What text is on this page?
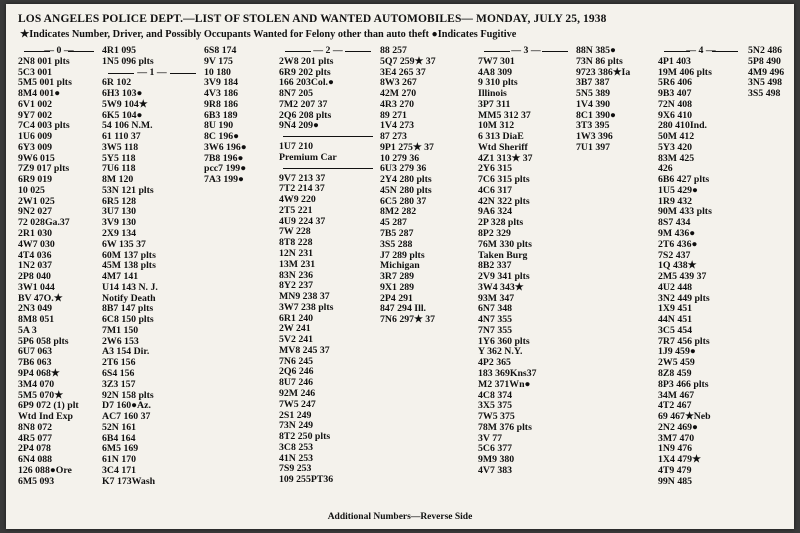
LOS ANGELES POLICE DEPT.—LIST OF STOLEN AND WANTED AUTOMOBILES— MONDAY, JULY 25, 1938
★Indicates Number, Driver, and Possibly Occupants Wanted for Felony other than auto theft ●Indicates Fugitive
— 0 —
2N8 001 plts
5C3 001
5M5 001 plts
8M4 001●
6V1 002
9Y7 002
7C4 003 plts
1U6 009
6Y3 009
9W6 015
7Z9 017 plts
6R9 019
10 025
2W1 025
9N2 027
72 028Ga.37
2R1 030
4W7 030
4T4 036
1N2 037
2P8 040
3W1 044
BV 47O.★
2N3 049
8M8 051
5A 3
5P6 058 plts
6U7 063
7B6 063
9P4 068★
3M4 070
5M5 070★
6P9 072 (1) plt
Wtd Ind Exp
8N8 072
4R5 077
2P4 078
6N4 088
126 088●Ore
6M5 093
4R1 095
1N5 096 plts
— 1 —
6R 102
6H3 103●
5W9 104★
6K5 104●
54 106 N.M.
61 110 37
3W5 118
5Y5 118
7U6 118
8M 120
53N 121 plts
6R5 128
3U7 130
3V9 130
2X9 134
6W 135 37
60M 137 plts
45M 138 plts
4M7 141
U14 143 N. J.
Notify Death
8B7 147 plts
6C8 150 plts
7M1 150
2W6 153
A3 154 Dir.
2T6 156
6S4 156
3Z3 157
92N 158 plts
D7 160●Az.
AC7 160 37
52N 161
6B4 164
6M5 169
61N 170
3C4 171
K7 173Wash
6S8 174
9V 175
10 180
3V9 184
4V3 186
9R8 186
6B3 189
8U 190
8C 196●
3W6 196●
7B8 196●
pcc7 199●
7A3 199●
— 2 —
2W8 201 plts
6R9 202 plts
166 203Col.●
8N7 205
7M2 207 37
2Q6 208 plts
9N4 209●
1U7 210
Premium Car
9V7 213 37
7T2 214 37
4W9 220
2T5 221
4U9 224 37
7W 228
8T8 228
12N 231
13M 231
83N 236
8Y2 237
MN9 238 37
3W7 238 plts
6R1 240
2W 241
5V2 241
MV8 245 37
7N6 245
2Q6 246
8U7 246
92M 246
7W5 247
2S1 249
73N 249
8T2 250 plts
3C8 253
41N 253
7S9 253
109 255PT36
88 257
5Q7 259★ 37
3E4 265 37
8W3 267
42M 270
4R3 270
89 271
1V4 273
87 273
9P1 275★ 37
10 279 36
6U3 279 36
2Y4 280 plts
45N 280 plts
6C5 280 37
8M2 282
45 287
7B5 287
3S5 288
J7 289 plts
Michigan
3R7 289
9X1 289
2P4 291
847 294 Ill.
7N6 297★ 37
— 3 —
7W7 301
4A8 309
9 310 plts
Illinois
3P7 311
MM5 312 37
10M 312
6 313 DiaE
Wtd Sheriff
4Z1 313★ 37
2Y6 315
7C6 315 plts
4C6 317
42N 322 plts
9A6 324
2P 328 plts
8P2 329
76M 330 plts
Taken Burg
8B2 337
2V9 341 plts
3W4 343★
93M 347
6N7 348
4N7 355
7N7 355
1Y6 360 plts
Y 362 N.Y.
4P2 365
183 369Kns37
M2 371Wn●
4C8 374
3X5 375
7W5 375
78M 376 plts
3V 77
5C6 377
9M9 380
4V7 383
88N 385●
73N 86 plts
9723 386★Ia
3B7 387
5N5 389
1V4 390
8C1 390●
3T3 395
1W3 396
7U1 397
— 4 —
4P1 403
19M 406 plts
5R6 406
9B3 407
72N 408
9X6 410
280 410Ind.
50M 412
5Y3 420
83M 425
426
6B6 427 plts
1U5 429●
1R9 432
90M 433 plts
8S7 434
9M 436●
2T6 436●
7S2 437
1Q 438★
2M5 439 37
4U2 448
3N2 449 plts
1X9 451
44N 451
3C5 454
7R7 456 plts
1J9 459●
2W5 459
8Z8 459
8P3 466 plts
34M 467
4T2 467
69 467★Neb
2N2 469●
3M7 470
1N9 476
1X4 479★
4T9 479
99N 485
5N2 486
5P8 490
4M9 496
3N5 498
3S5 498
Additional Numbers—Reverse Side
